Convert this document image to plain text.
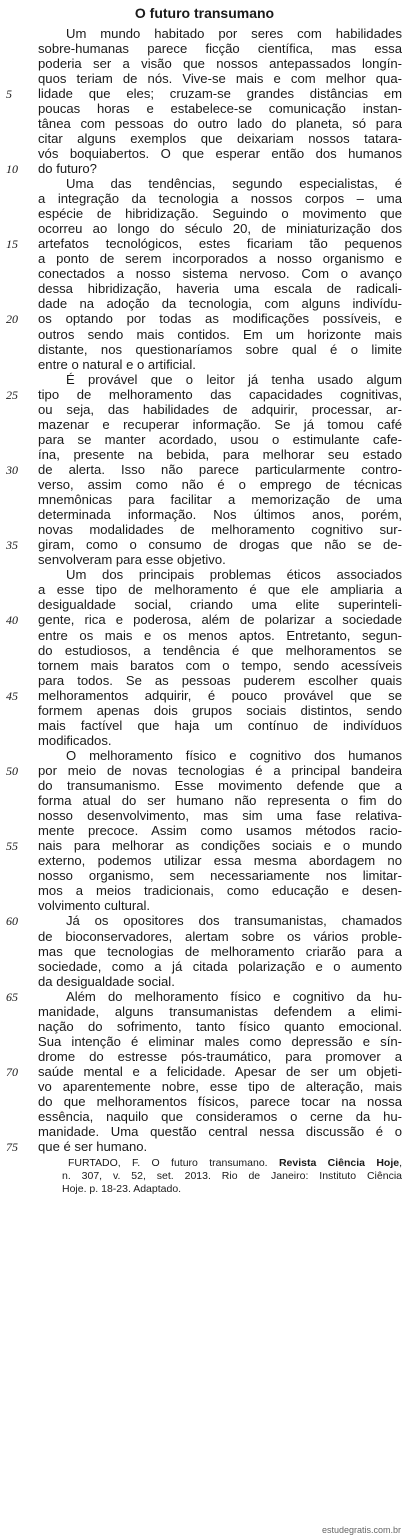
O futuro transumano
Um mundo habitado por seres com habilidades
sobre-humanas parece ficção científica, mas essa
poderia ser a visão que nossos antepassados longín-
quos teriam de nós. Vive-se mais e com melhor qua-
lidade que eles; cruzam-se grandes distâncias em
poucas horas e estabelece-se comunicação instan-
tânea com pessoas do outro lado do planeta, só para
citar alguns exemplos que deixariam nossos tatara-
vós boquiabertos. O que esperar então dos humanos
do futuro?
Uma das tendências, segundo especialistas, é
a integração da tecnologia a nossos corpos – uma
espécie de hibridização. Seguindo o movimento que
ocorreu ao longo do século 20, de miniaturização dos
artefatos tecnológicos, estes ficariam tão pequenos
a ponto de serem incorporados a nosso organismo e
conectados a nosso sistema nervoso. Com o avanço
dessa hibridização, haveria uma escala de radicali-
dade na adoção da tecnologia, com alguns indivídu-
os optando por todas as modificações possíveis, e
outros sendo mais contidos. Em um horizonte mais
distante, nos questionaríamos sobre qual é o limite
entre o natural e o artificial.
É provável que o leitor já tenha usado algum
tipo de melhoramento das capacidades cognitivas,
ou seja, das habilidades de adquirir, processar, ar-
mazenar e recuperar informação. Se já tomou café
para se manter acordado, usou o estimulante cafe-
ína, presente na bebida, para melhorar seu estado
de alerta. Isso não parece particularmente contro-
verso, assim como não é o emprego de técnicas
mnemônicas para facilitar a memorização de uma
determinada informação. Nos últimos anos, porém,
novas modalidades de melhoramento cognitivo sur-
giram, como o consumo de drogas que não se de-
senvolveram para esse objetivo.
Um dos principais problemas éticos associados
a esse tipo de melhoramento é que ele ampliaria a
desigualdade social, criando uma elite superinteli-
gente, rica e poderosa, além de polarizar a sociedade
entre os mais e os menos aptos. Entretanto, segun-
do estudiosos, a tendência é que melhoramentos se
tornem mais baratos com o tempo, sendo acessíveis
para todos. Se as pessoas puderem escolher quais
melhoramentos adquirir, é pouco provável que se
formem apenas dois grupos sociais distintos, sendo
mais factível que haja um contínuo de indivíduos
modificados.
O melhoramento físico e cognitivo dos humanos
por meio de novas tecnologias é a principal bandeira
do transumanismo. Esse movimento defende que a
forma atual do ser humano não representa o fim do
nosso desenvolvimento, mas sim uma fase relativa-
mente precoce. Assim como usamos métodos racio-
nais para melhorar as condições sociais e o mundo
externo, podemos utilizar essa mesma abordagem no
nosso organismo, sem necessariamente nos limitar-
mos a meios tradicionais, como educação e desen-
volvimento cultural.
Já os opositores dos transumanistas, chamados
de bioconservadores, alertam sobre os vários proble-
mas que tecnologias de melhoramento criarão para a
sociedade, como a já citada polarização e o aumento
da desigualdade social.
Além do melhoramento físico e cognitivo da hu-
manidade, alguns transumanistas defendem a elimi-
nação do sofrimento, tanto físico quanto emocional.
Sua intenção é eliminar males como depressão e sín-
drome do estresse pós-traumático, para promover a
saúde mental e a felicidade. Apesar de ser um objeti-
vo aparentemente nobre, esse tipo de alteração, mais
do que melhoramentos físicos, parece tocar na nossa
essência, naquilo que consideramos o cerne da hu-
manidade. Uma questão central nessa discussão é o
que é ser humano.
5
10
15
20
25
30
35
40
45
50
55
60
65
70
75
FURTADO, F. O futuro transumano. Revista Ciência Hoje,
n. 307, v. 52, set. 2013. Rio de Janeiro: Instituto Ciência
Hoje. p. 18-23. Adaptado.
estudegratis.com.br
